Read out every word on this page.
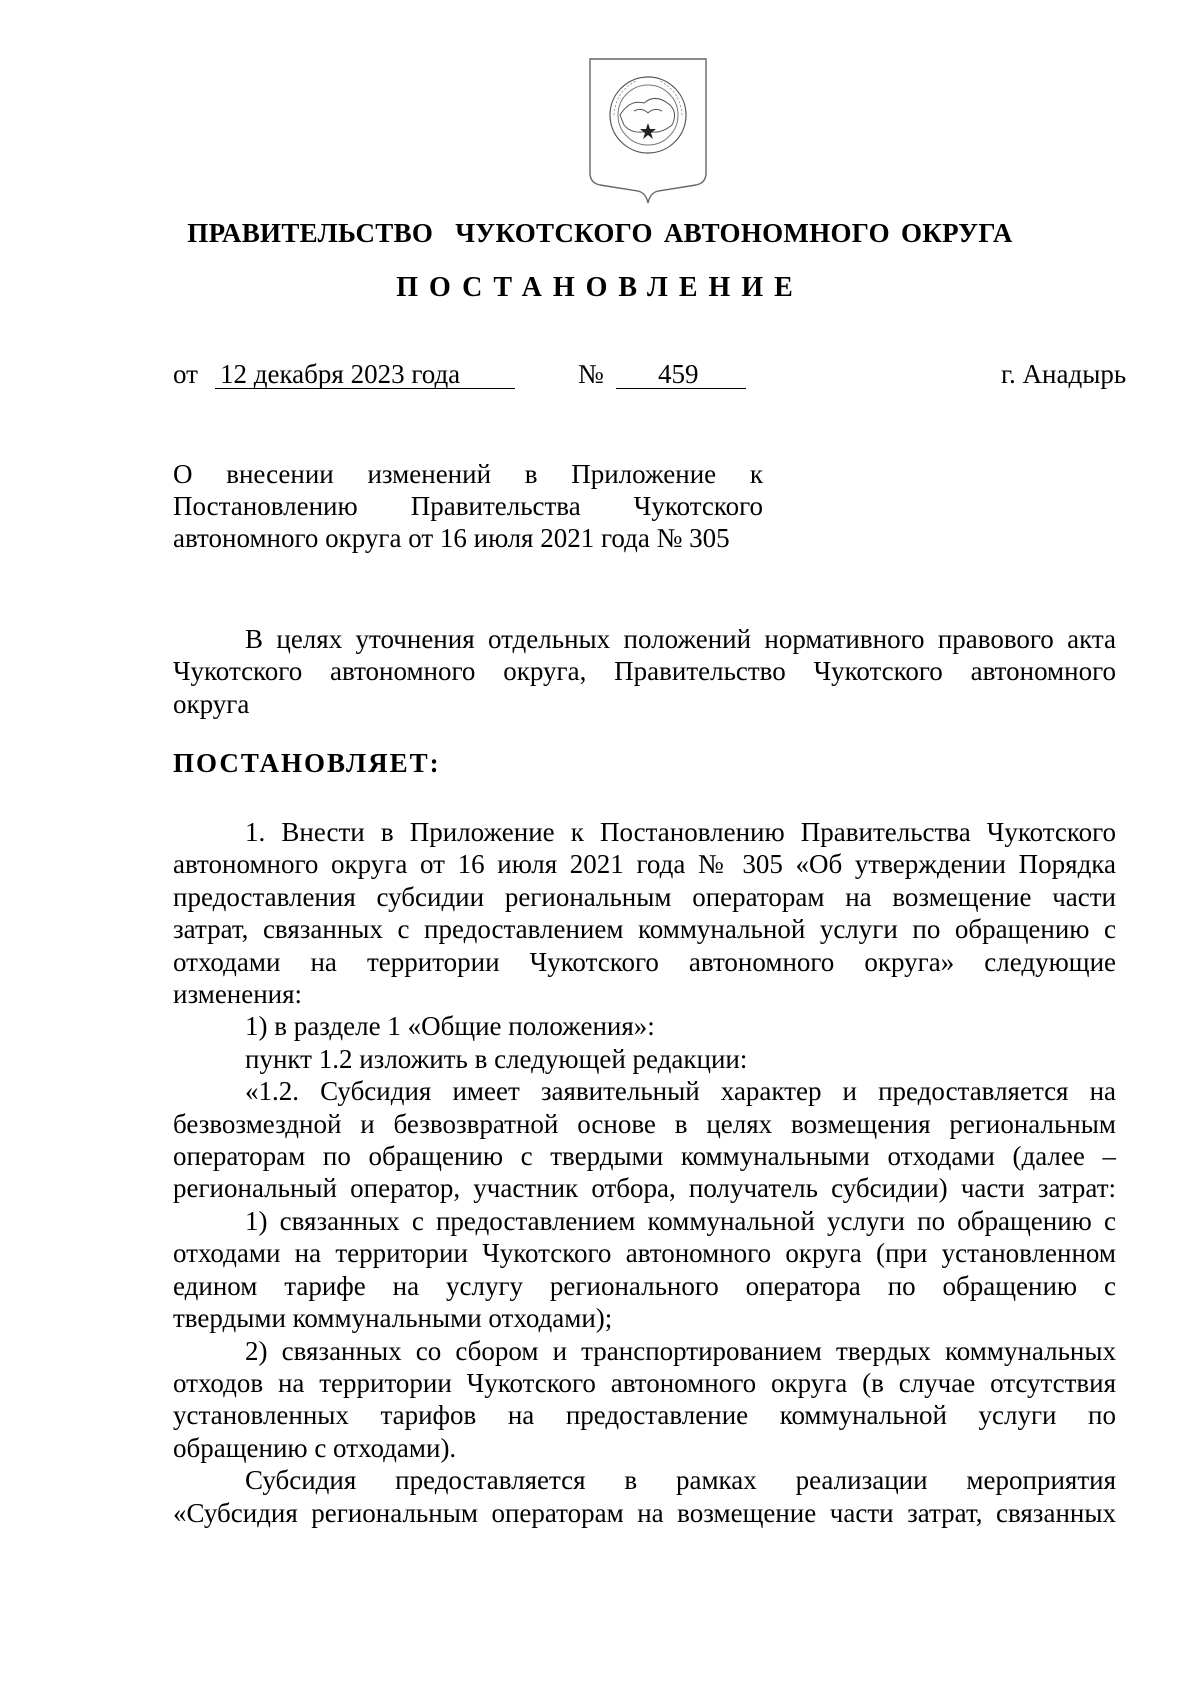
ПРАВИТЕЛЬСТВО  ЧУКОТСКОГО АВТОНОМНОГО ОКРУГА
ПОСТАНОВЛЕНИЕ
от 12 декабря 2023 года	№ 459	г. Анадырь
О внесении изменений в Приложение к
Постановлению Правительства Чукотского
автономного округа от 16 июля 2021 года № 305
В целях уточнения отдельных положений нормативного правового акта
Чукотского автономного округа, Правительство Чукотского автономного
округа
ПОСТАНОВЛЯЕТ:
1. Внести в Приложение к Постановлению Правительства Чукотского
автономного округа от 16 июля 2021 года № 305 «Об утверждении Порядка
предоставления субсидии региональным операторам на возмещение части
затрат, связанных с предоставлением коммунальной услуги по обращению с
отходами на территории Чукотского автономного округа» следующие
изменения:
1) в разделе 1 «Общие положения»:
пункт 1.2 изложить в следующей редакции:
«1.2. Субсидия имеет заявительный характер и предоставляется на
безвозмездной и безвозвратной основе в целях возмещения региональным
операторам по обращению с твердыми коммунальными отходами (далее –
региональный оператор, участник отбора, получатель субсидии) части затрат:
1) связанных с предоставлением коммунальной услуги по обращению с
отходами на территории Чукотского автономного округа (при установленном
едином тарифе на услугу регионального оператора по обращению с
твердыми коммунальными отходами);
2) связанных со сбором и транспортированием твердых коммунальных
отходов на территории Чукотского автономного округа (в случае отсутствия
установленных тарифов на предоставление коммунальной услуги по
обращению с отходами).
Субсидия предоставляется в рамках реализации мероприятия
«Субсидия региональным операторам на возмещение части затрат, связанных
